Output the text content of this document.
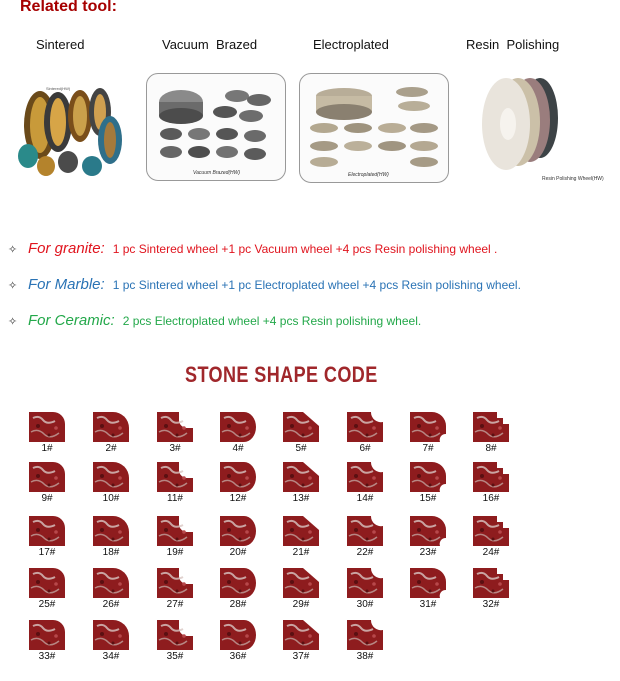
Related tool:
Sintered	Vacuum  Brazed	Electroplated	Resin  Polishing
Sintered(HW)
Vacuum Brazed(HW)	Electroplated(HW)
Resin Polishing Wheel(HW)
✧ For granite: 1 pc Sintered wheel +1 pc Vacuum wheel +4 pcs Resin polishing wheel .
✧ For Marble: 1 pc Sintered wheel +1 pc Electroplated wheel +4 pcs Resin polishing wheel.
✧ For Ceramic: 2 pcs Electroplated wheel +4 pcs Resin polishing wheel.
STONE SHAPE CODE
1#	2#	3#	4#	5#	6#	7#	8#
9#	10#	11#	12#	13#	14#	15#	16#
17#	18#	19#	20#	21#	22#	23#	24#
25#	26#	27#	28#	29#	30#	31#	32#
33#	34#	35#	36#	37#	38#
